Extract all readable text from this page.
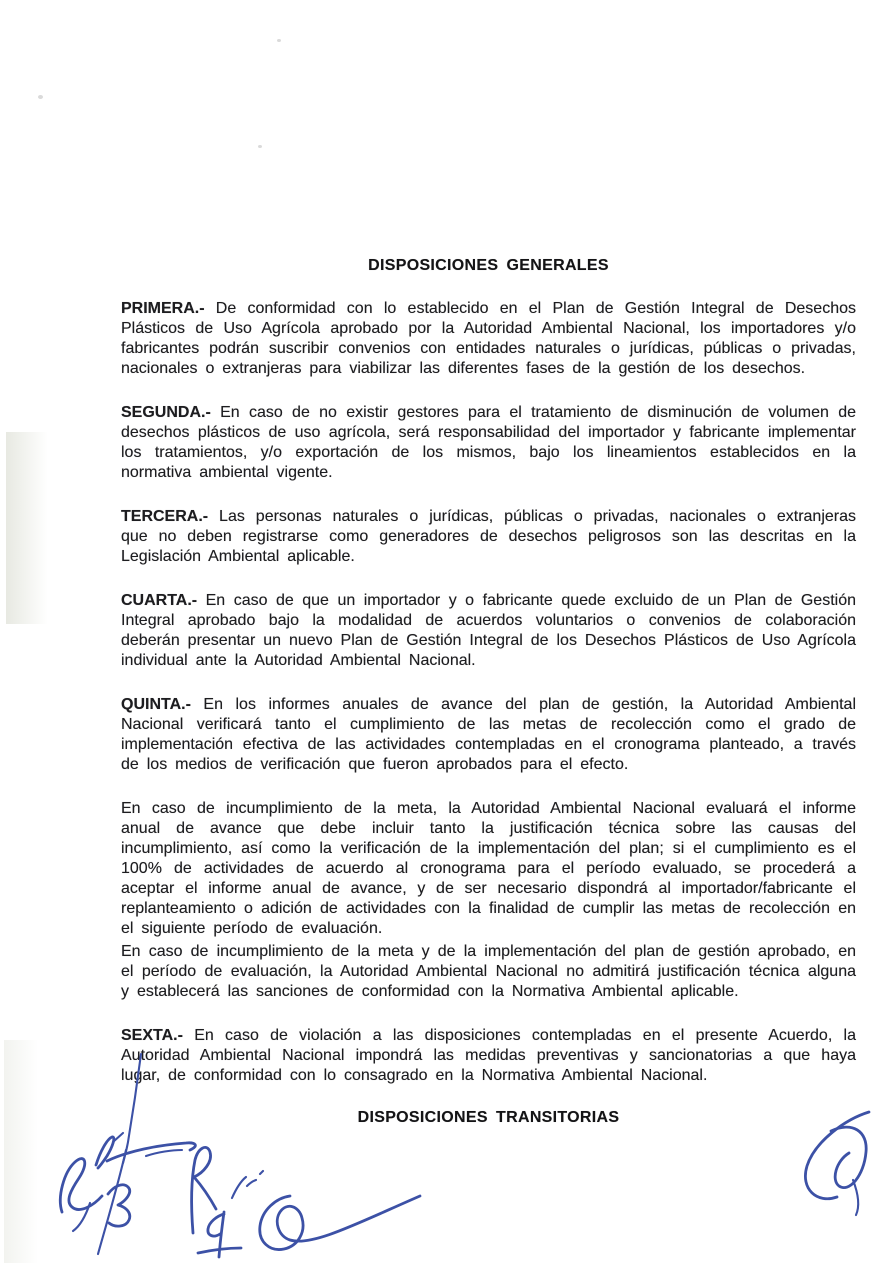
DISPOSICIONES GENERALES

PRIMERA.- De conformidad con lo establecido en el Plan de Gestión Integral de Desechos Plásticos de Uso Agrícola aprobado por la Autoridad Ambiental Nacional, los importadores y/o fabricantes podrán suscribir convenios con entidades naturales o jurídicas, públicas o privadas, nacionales o extranjeras para viabilizar las diferentes fases de la gestión de los desechos.

SEGUNDA.- En caso de no existir gestores para el tratamiento de disminución de volumen de desechos plásticos de uso agrícola, será responsabilidad del importador y fabricante implementar los tratamientos, y/o exportación de los mismos, bajo los lineamientos establecidos en la normativa ambiental vigente.

TERCERA.- Las personas naturales o jurídicas, públicas o privadas, nacionales o extranjeras que no deben registrarse como generadores de desechos peligrosos son las descritas en la Legislación Ambiental aplicable.

CUARTA.- En caso de que un importador y o fabricante quede excluido de un Plan de Gestión Integral aprobado bajo la modalidad de acuerdos voluntarios o convenios de colaboración deberán presentar un nuevo Plan de Gestión Integral de los Desechos Plásticos de Uso Agrícola individual ante la Autoridad Ambiental Nacional.

QUINTA.- En los informes anuales de avance del plan de gestión, la Autoridad Ambiental Nacional verificará tanto el cumplimiento de las metas de recolección como el grado de implementación efectiva de las actividades contempladas en el cronograma planteado, a través de los medios de verificación que fueron aprobados para el efecto.

En caso de incumplimiento de la meta, la Autoridad Ambiental Nacional evaluará el informe anual de avance que debe incluir tanto la justificación técnica sobre las causas del incumplimiento, así como la verificación de la implementación del plan; si el cumplimiento es el 100% de actividades de acuerdo al cronograma para el período evaluado, se procederá a aceptar el informe anual de avance, y de ser necesario dispondrá al importador/fabricante el replanteamiento o adición de actividades con la finalidad de cumplir las metas de recolección en el siguiente período de evaluación.

En caso de incumplimiento de la meta y de la implementación del plan de gestión aprobado, en el período de evaluación, la Autoridad Ambiental Nacional no admitirá justificación técnica alguna y establecerá las sanciones de conformidad con la Normativa Ambiental aplicable.

SEXTA.- En caso de violación a las disposiciones contempladas en el presente Acuerdo, la Autoridad Ambiental Nacional impondrá las medidas preventivas y sancionatorias a que haya lugar, de conformidad con lo consagrado en la Normativa Ambiental Nacional.

DISPOSICIONES TRANSITORIAS
